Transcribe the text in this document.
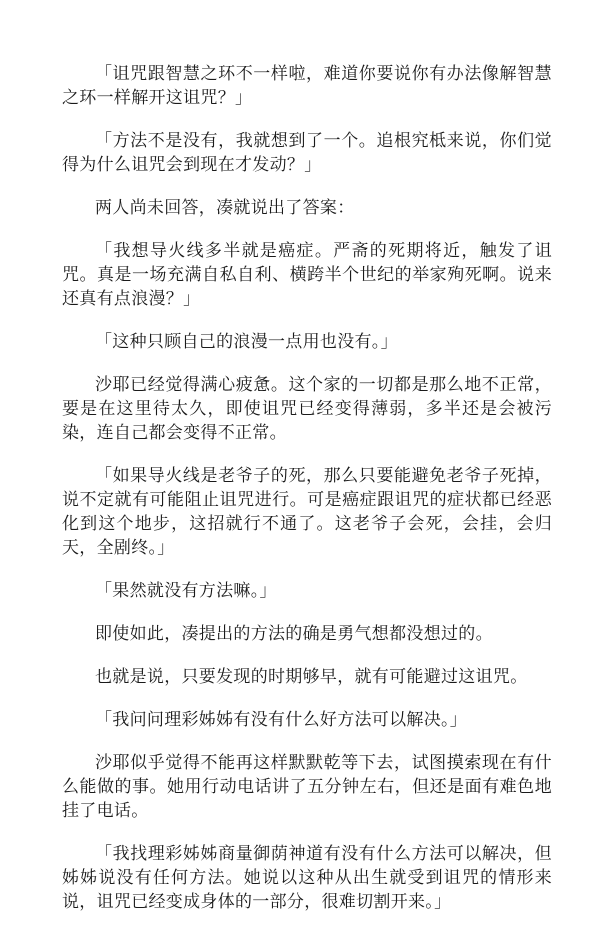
「诅咒跟智慧之环不一样啦，难道你要说你有办法像解智慧之环一样解开这诅咒？」

「方法不是没有，我就想到了一个。追根究柢来说，你们觉得为什么诅咒会到现在才发动？」

两人尚未回答，凑就说出了答案：

「我想导火线多半就是癌症。严斋的死期将近，触发了诅咒。真是一场充满自私自利、横跨半个世纪的举家殉死啊。说来还真有点浪漫？」

「这种只顾自己的浪漫一点用也没有。」

沙耶已经觉得满心疲惫。这个家的一切都是那么地不正常，要是在这里待太久，即使诅咒已经变得薄弱，多半还是会被污染，连自己都会变得不正常。

「如果导火线是老爷子的死，那么只要能避免老爷子死掉，说不定就有可能阻止诅咒进行。可是癌症跟诅咒的症状都已经恶化到这个地步，这招就行不通了。这老爷子会死，会挂，会归天，全剧终。」

「果然就没有方法嘛。」

即使如此，凑提出的方法的确是勇气想都没想过的。

也就是说，只要发现的时期够早，就有可能避过这诅咒。

「我问问理彩姊姊有没有什么好方法可以解决。」

沙耶似乎觉得不能再这样默默乾等下去，试图摸索现在有什么能做的事。她用行动电话讲了五分钟左右，但还是面有难色地挂了电话。

「我找理彩姊姊商量御荫神道有没有什么方法可以解决，但姊姊说没有任何方法。她说以这种从出生就受到诅咒的情形来说，诅咒已经变成身体的一部分，很难切割开来。」
